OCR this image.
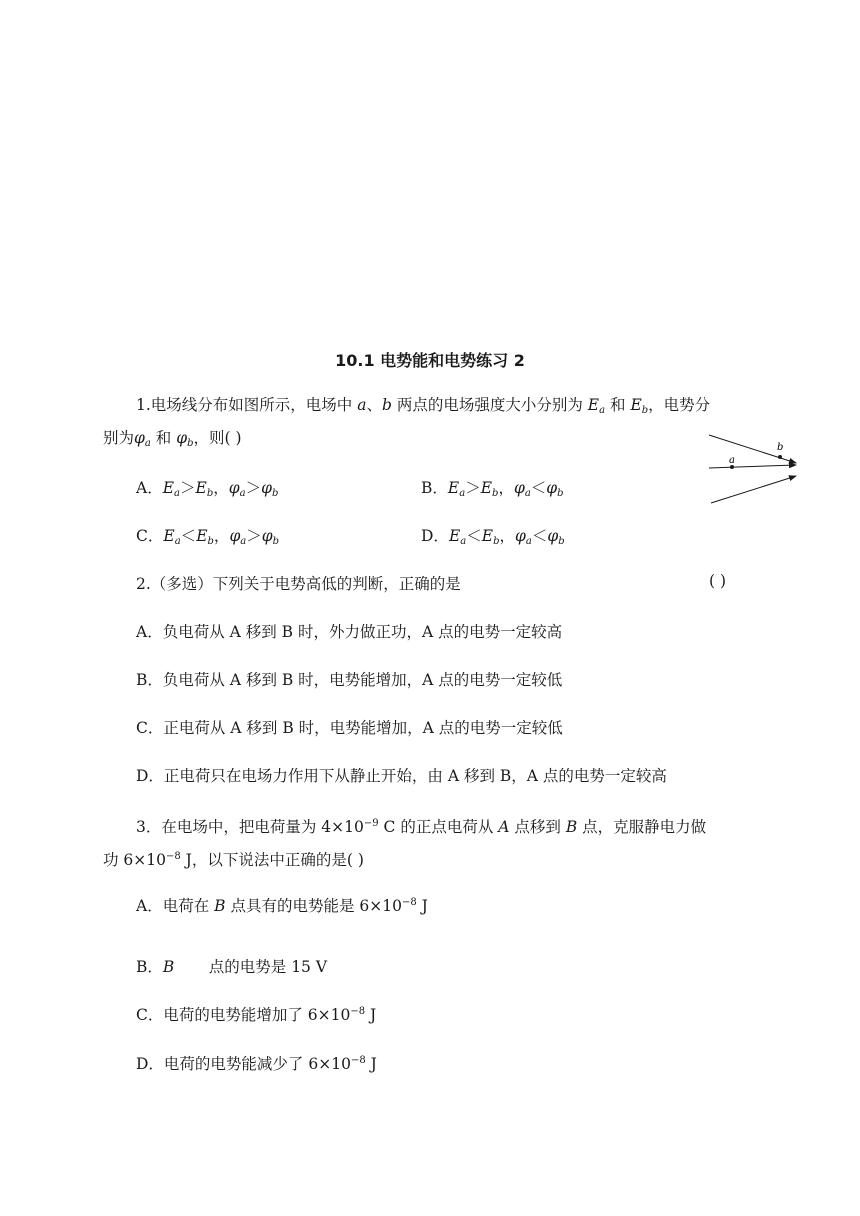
10.1 电势能和电势练习 2
1.电场线分布如图所示，电场中 a、b 两点的电场强度大小分别为 $E_a$ 和 $E_b$，电势分
别为$\varphi_a$ 和 $\varphi_b$，则( )
A．$E_a>E_b$，$\varphi_a>\varphi_b$	B．$E_a>E_b$，$\varphi_a<\varphi_b$
C．$E_a<E_b$，$\varphi_a>\varphi_b$	D．$E_a<E_b$，$\varphi_a<\varphi_b$
a
b
2.（多选）下列关于电势高低的判断，正确的是	( )
A．负电荷从 A 移到 B 时，外力做正功，A 点的电势一定较高
B．负电荷从 A 移到 B 时，电势能增加，A 点的电势一定较低
C．正电荷从 A 移到 B 时，电势能增加，A 点的电势一定较低
D．正电荷只在电场力作用下从静止开始，由 A 移到 B，A 点的电势一定较高
3．在电场中，把电荷量为 $4\times 10^{-9}$ C 的正点电荷从 A 点移到 B 点，克服静电力做
功 $6\times 10^{-8}$ J，以下说法中正确的是( )
A．电荷在 B 点具有的电势能是 $6\times 10^{-8}$ J
B．B       点的电势是 15 V
C．电荷的电势能增加了 $6\times 10^{-8}$ J
D．电荷的电势能减少了 $6\times 10^{-8}$ J
